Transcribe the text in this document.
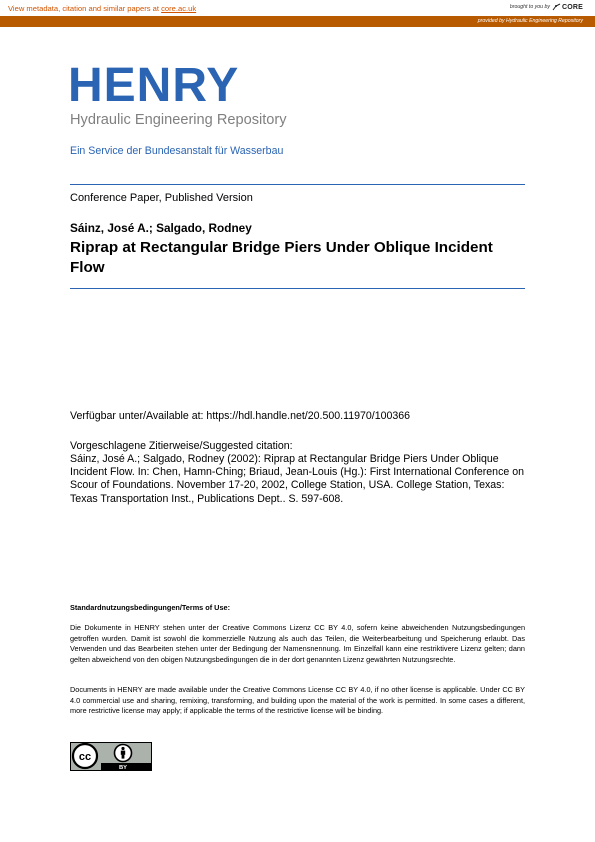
View metadata, citation and similar papers at core.ac.uk	brought to you by CORE
provided by Hydraulic Engineering Repository
HENRY
Hydraulic Engineering Repository
Ein Service der Bundesanstalt für Wasserbau
Conference Paper, Published Version
Sáinz, José A.; Salgado, Rodney
Riprap at Rectangular Bridge Piers Under Oblique Incident Flow
Verfügbar unter/Available at: https://hdl.handle.net/20.500.11970/100366
Vorgeschlagene Zitierweise/Suggested citation:
Sáinz, José A.; Salgado, Rodney (2002): Riprap at Rectangular Bridge Piers Under Oblique Incident Flow. In: Chen, Hamn-Ching; Briaud, Jean-Louis (Hg.): First International Conference on Scour of Foundations. November 17-20, 2002, College Station, USA. College Station, Texas: Texas Transportation Inst., Publications Dept.. S. 597-608.
Standardnutzungsbedingungen/Terms of Use:
Die Dokumente in HENRY stehen unter der Creative Commons Lizenz CC BY 4.0, sofern keine abweichenden Nutzungsbedingungen getroffen wurden. Damit ist sowohl die kommerzielle Nutzung als auch das Teilen, die Weiterbearbeitung und Speicherung erlaubt. Das Verwenden und das Bearbeiten stehen unter der Bedingung der Namensnennung. Im Einzelfall kann eine restriktivere Lizenz gelten; dann gelten abweichend von den obigen Nutzungsbedingungen die in der dort genannten Lizenz gewährten Nutzungsrechte.
Documents in HENRY are made available under the Creative Commons License CC BY 4.0, if no other license is applicable. Under CC BY 4.0 commercial use and sharing, remixing, transforming, and building upon the material of the work is permitted. In some cases a different, more restrictive license may apply; if applicable the terms of the restrictive license will be binding.
cc
BY
